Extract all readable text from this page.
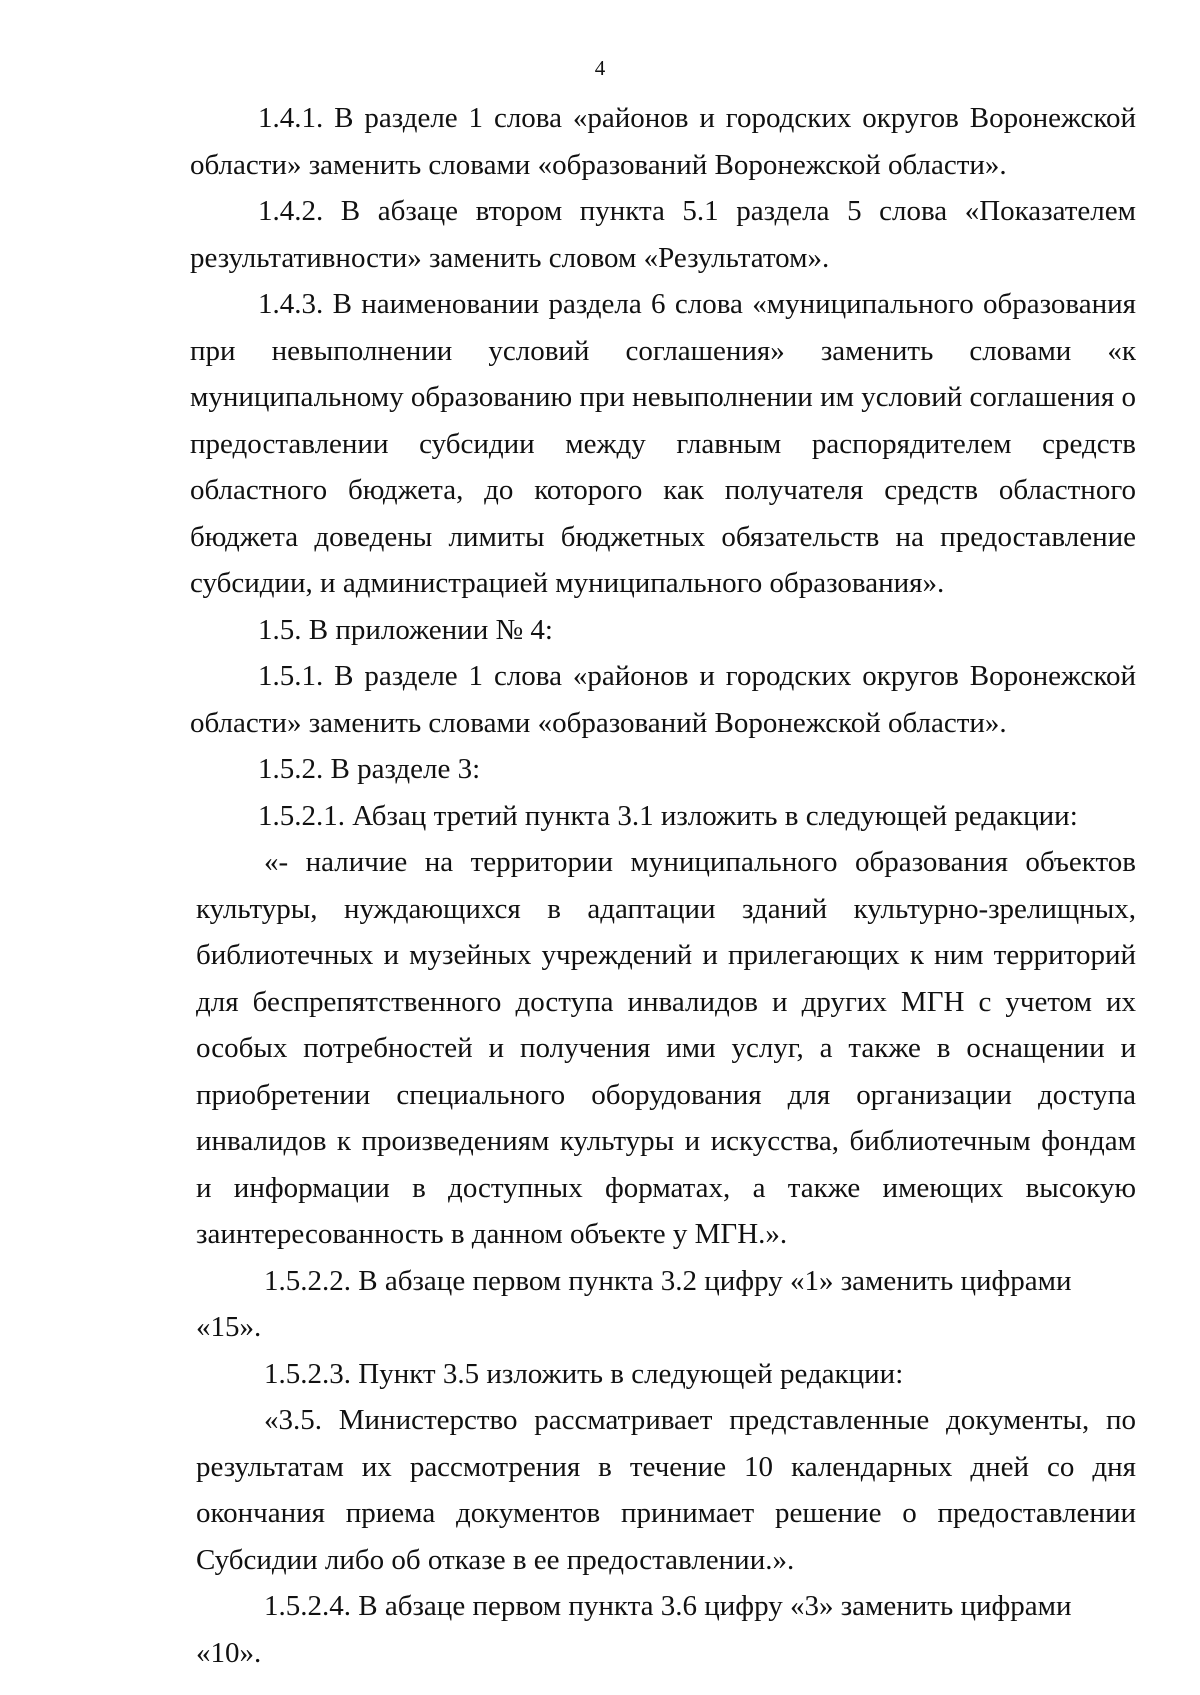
4

1.4.1. В разделе 1 слова «районов и городских округов Воронежской области» заменить словами «образований Воронежской области».

1.4.2. В абзаце втором пункта 5.1 раздела 5 слова «Показателем результативности» заменить словом «Результатом».

1.4.3. В наименовании раздела 6 слова «муниципального образования при невыполнении условий соглашения» заменить словами «к муниципальному образованию при невыполнении им условий соглашения о предоставлении субсидии между главным распорядителем средств областного бюджета, до которого как получателя средств областного бюджета доведены лимиты бюджетных обязательств на предоставление субсидии, и администрацией муниципального образования».

1.5. В приложении № 4:

1.5.1. В разделе 1 слова «районов и городских округов Воронежской области» заменить словами «образований Воронежской области».

1.5.2. В разделе 3:

1.5.2.1. Абзац третий пункта 3.1 изложить в следующей редакции:

«- наличие на территории муниципального образования объектов культуры, нуждающихся в адаптации зданий культурно-зрелищных, библиотечных и музейных учреждений и прилегающих к ним территорий для беспрепятственного доступа инвалидов и других МГН с учетом их особых потребностей и получения ими услуг, а также в оснащении и приобретении специального оборудования для организации доступа инвалидов к произведениям культуры и искусства, библиотечным фондам и информации в доступных форматах, а также имеющих высокую заинтересованность в данном объекте у МГН.».

1.5.2.2. В абзаце первом пункта 3.2 цифру «1» заменить цифрами «15».

1.5.2.3. Пункт 3.5 изложить в следующей редакции:

«3.5. Министерство рассматривает представленные документы, по результатам их рассмотрения в течение 10 календарных дней со дня окончания приема документов принимает решение о предоставлении Субсидии либо об отказе в ее предоставлении.».

1.5.2.4. В абзаце первом пункта 3.6 цифру «3» заменить цифрами «10».
